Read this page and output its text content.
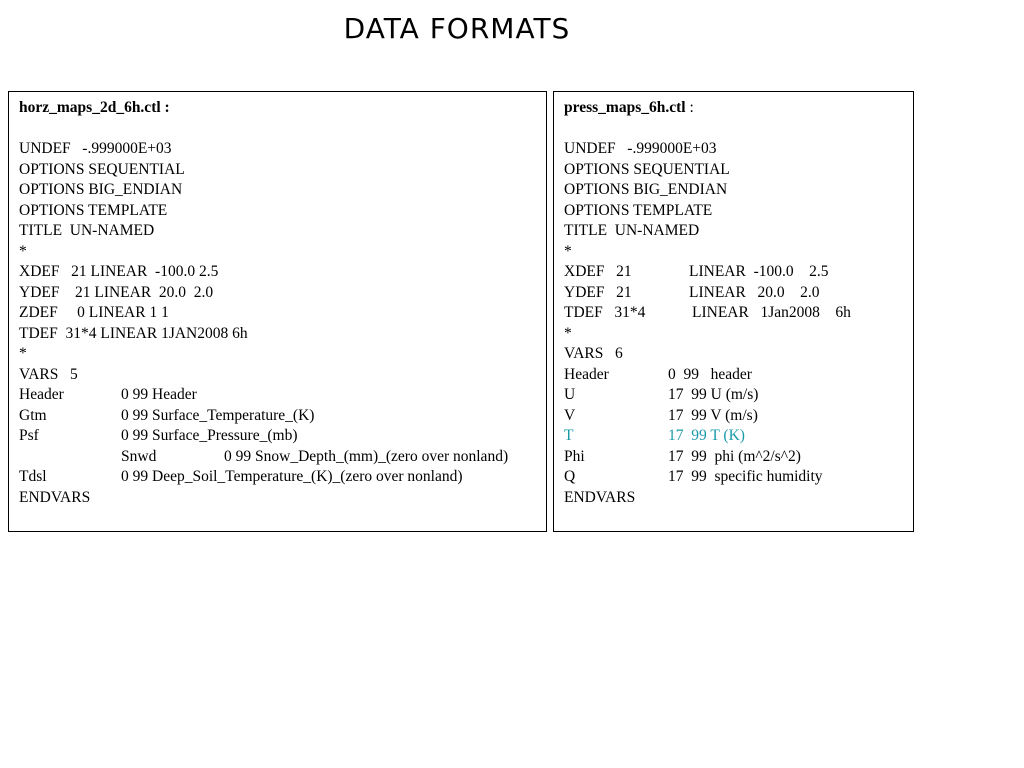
DATA FORMATS
horz_maps_2d_6h.ctl :
UNDEF   -.999000E+03
OPTIONS SEQUENTIAL
OPTIONS BIG_ENDIAN
OPTIONS TEMPLATE
TITLE  UN-NAMED
*
XDEF   21 LINEAR  -100.0 2.5
YDEF    21 LINEAR  20.0  2.0
ZDEF     0 LINEAR 1 1
TDEF  31*4 LINEAR 1JAN2008 6h
*
VARS   5
Header	0 99 Header
Gtm	0 99 Surface_Temperature_(K)
Psf	0 99 Surface_Pressure_(mb)
Snwd	0 99 Snow_Depth_(mm)_(zero over nonland)
Tdsl	0 99 Deep_Soil_Temperature_(K)_(zero over nonland)
ENDVARS
press_maps_6h.ctl :
UNDEF   -.999000E+03
OPTIONS SEQUENTIAL
OPTIONS BIG_ENDIAN
OPTIONS TEMPLATE
TITLE  UN-NAMED
*
XDEF   21	LINEAR  -100.0    2.5
YDEF   21	LINEAR   20.0    2.0
TDEF   31*4	LINEAR   1Jan2008    6h
*
VARS   6
Header	0  99   header
U	17  99 U (m/s)
V	17  99 V (m/s)
T	17  99 T (K)
Phi	17  99  phi (m^2/s^2)
Q	17  99  specific humidity
ENDVARS
